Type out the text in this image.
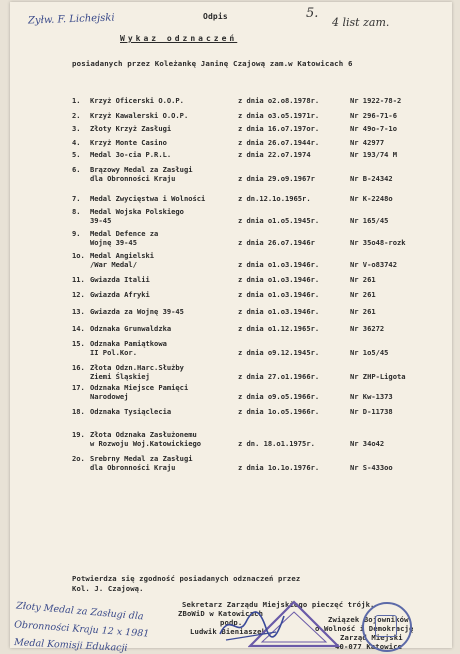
Zyłw. F. Lichejski	Odpis	5.
4 list zam.
Wykaz odznaczeń
posiadanych przez Koleżankę Janinę Czajową zam.w Katowicach 6
1. Krzyż Oficerski O.O.P.	z dnia o2.o8.1978r.	Nr 1922-78-2
2. Krzyż Kawalerski O.O.P.	z dnia o3.o5.1971r.	Nr 296-71-6
3. Złoty Krzyż Zasługi	z dnia 16.o7.197or.	Nr 49o-7-1o
4. Krzyż Monte Casino	z dnia 26.o7.1944r.	Nr 42977
5. Medal 3o-cia P.R.L.	z dnia 22.o7.1974	Nr 193/74 M
6. Brązowy Medal za Zasługi
dla Obronności Kraju	z dnia 29.o9.1967r	Nr B-24342
7. Medal Zwycięstwa i Wolności	z dn.12.1o.1965r.	Nr K-2248o
8. Medal Wojska Polskiego
39-45	z dnia o1.o5.1945r.	Nr 165/45
9. Medal Defence za
Wojnę 39-45	z dnia 26.o7.1946r	Nr 35o48-rozk
1o. Medal Angielski
/War Medal/	z dnia o1.o3.1946r.	Nr V-o83742
11. Gwiazda Italii	z dnia o1.o3.1946r.	Nr 261
12. Gwiazda Afryki	z dnia o1.o3.1946r.	Nr 261
13. Gwiazda za Wojnę 39-45	z dnia o1.o3.1946r.	Nr 261
14. Odznaka Grunwaldzka	z dnia o1.12.1965r.	Nr 36272
15. Odznaka Pamiątkowa
II Pol.Kor.	z dnia o9.12.1945r.	Nr 1o5/45
16. Złota Odzn.Harc.Służby
Ziemi Śląskiej	z dnia 27.o1.1966r.	Nr ZHP-Ligota
17. Odznaka Miejsce Pamięci
Narodowej	z dnia o9.o5.1966r.	Nr Kw-1373
18. Odznaka Tysiąclecia	z dnia 1o.o5.1966r.	Nr D-11738
19. Złota Odznaka Zasłużonemu
w Rozwoju Woj.Katowickiego	z dn. 18.o1.1975r.	Nr 34o42
2o. Srebrny Medal za Zasługi
dla Obronności Kraju	z dnia 1o.1o.1976r.	Nr S-433oo
Potwierdza się zgodność posiadanych odznaczeń przez
Kol. J. Czajową.
Sekretarz Zarządu Miejskiego pieczęć trójk.
ZBoWiD w Katowicach
podp.
Ludwik Bieniaszek
Związek Bojowników
o Wolność i Demokrację
Zarząd Miejski
40-077 Katowice
Złoty Medal za Zasługi dla
Obronności Kraju 12 x 1981
Medal Komisji Edukacji
